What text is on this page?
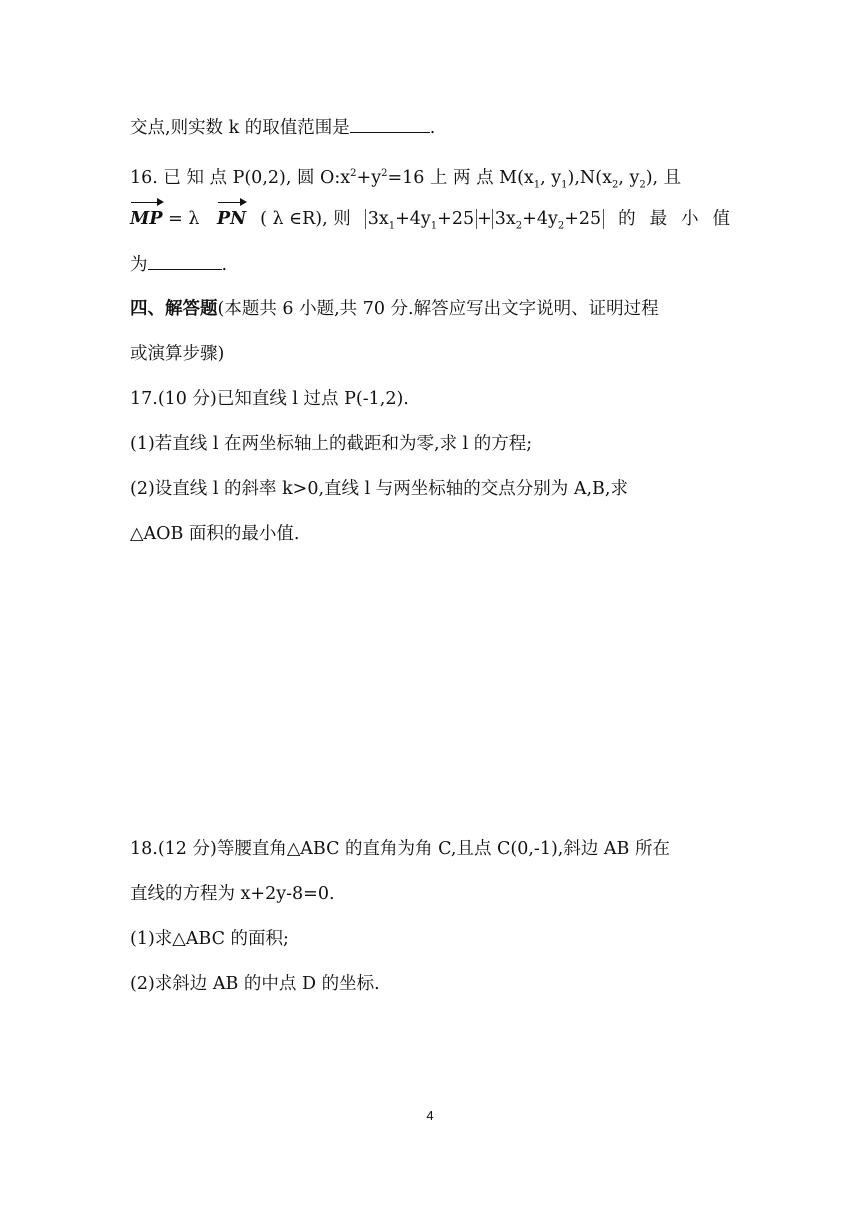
交点,则实数 k 的取值范围是	.
16. 已 知 点 P(0,2), 圆 $O:x^2+y^2=16$ 上 两 点 $M(x_1$, $y_1),N(x_2$, $y_2$), 且
MP = λ PN ( λ ∈R), 则 $3x_1+4y_1+25 + 3x_2+4y_2+25$ 的 最 小 值
为	.
四、解答题(本题共 6 小题,共 70 分.解答应写出文字说明、证明过程
或演算步骤)
17.(10 分)已知直线 l 过点 P(-1,2).
(1)若直线 l 在两坐标轴上的截距和为零,求 l 的方程;
(2)设直线 l 的斜率 k>0,直线 l 与两坐标轴的交点分别为 A,B,求
△AOB 面积的最小值.
18.(12 分)等腰直角△ABC 的直角为角 C,且点 C(0,-1),斜边 AB 所在
直线的方程为 x+2y-8=0.
(1)求△ABC 的面积;
(2)求斜边 AB 的中点 D 的坐标.
4
